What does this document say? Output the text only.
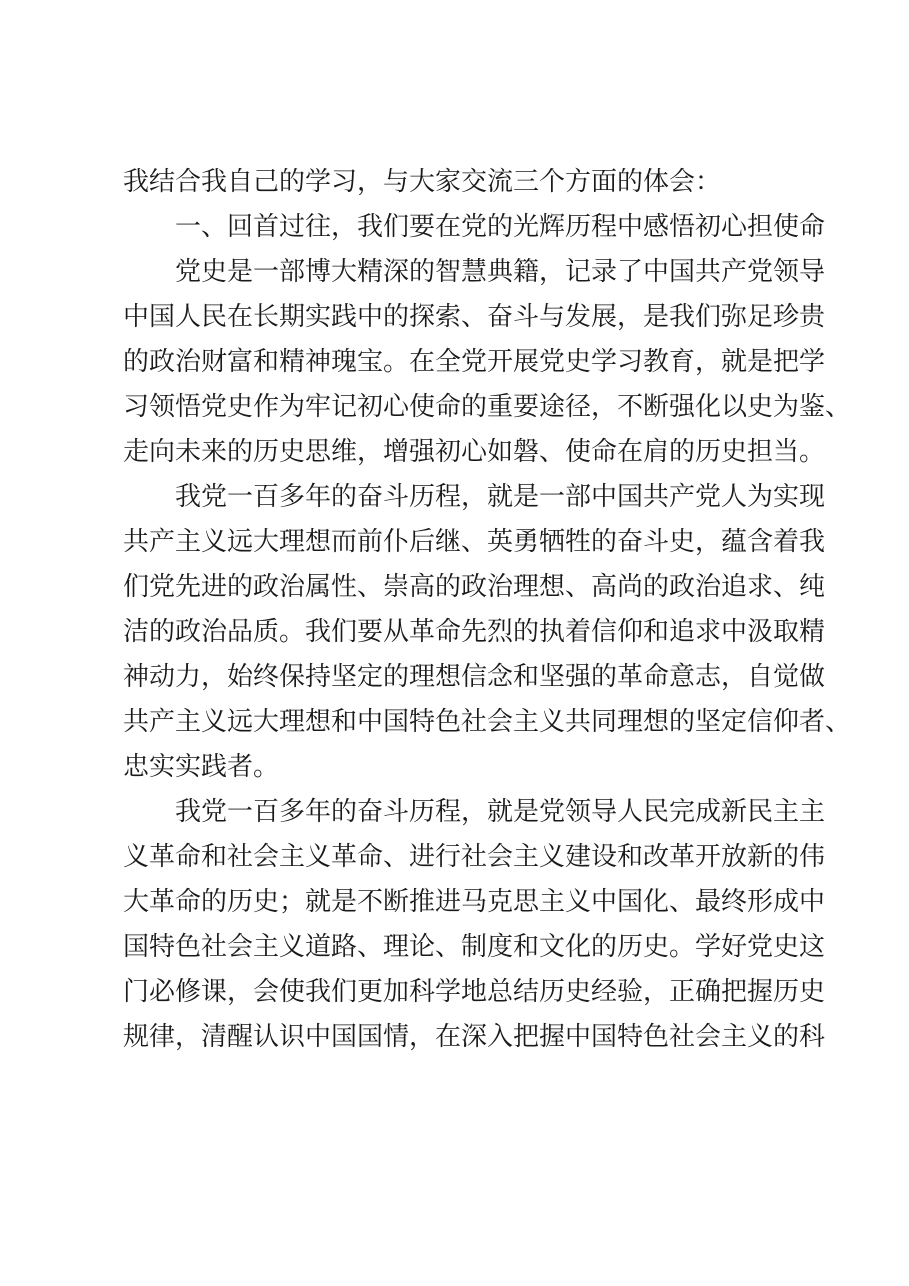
我结合我自己的学习，与大家交流三个方面的体会：
一、回首过往，我们要在党的光辉历程中感悟初心担使命
党史是一部博大精深的智慧典籍，记录了中国共产党领导
中国人民在长期实践中的探索、奋斗与发展，是我们弥足珍贵
的政治财富和精神瑰宝。在全党开展党史学习教育，就是把学
习领悟党史作为牢记初心使命的重要途径，不断强化以史为鉴、
走向未来的历史思维，增强初心如磐、使命在肩的历史担当。
我党一百多年的奋斗历程，就是一部中国共产党人为实现
共产主义远大理想而前仆后继、英勇牺牲的奋斗史，蕴含着我
们党先进的政治属性、崇高的政治理想、高尚的政治追求、纯
洁的政治品质。我们要从革命先烈的执着信仰和追求中汲取精
神动力，始终保持坚定的理想信念和坚强的革命意志，自觉做
共产主义远大理想和中国特色社会主义共同理想的坚定信仰者、
忠实实践者。
我党一百多年的奋斗历程，就是党领导人民完成新民主主
义革命和社会主义革命、进行社会主义建设和改革开放新的伟
大革命的历史；就是不断推进马克思主义中国化、最终形成中
国特色社会主义道路、理论、制度和文化的历史。学好党史这
门必修课，会使我们更加科学地总结历史经验，正确把握历史
规律，清醒认识中国国情，在深入把握中国特色社会主义的科
